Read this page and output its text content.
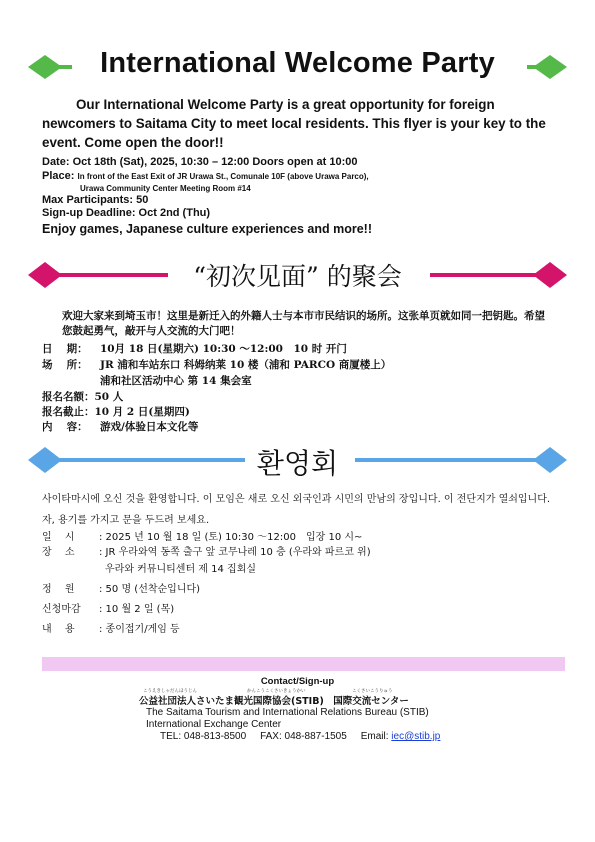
International Welcome Party
Our International Welcome Party is a great opportunity for foreign newcomers to Saitama City to meet local residents. This flyer is your key to the event. Come open the door!!
Date: Oct 18th (Sat), 2025, 10:30 – 12:00 Doors open at 10:00
Place: In front of the East Exit of JR Urawa St., Comunale 10F (above Urawa Parco),
Urawa Community Center Meeting Room #14
Max Participants: 50
Sign-up Deadline: Oct 2nd (Thu)
Enjoy games, Japanese culture experiences and more!!
“初次见面” 的聚会
欢迎大家来到埼玉市！这里是新迁入的外籍人士与本市市民结识的场所。这张单页就如同一把钥匙。希望您鼓起勇气，敲开与人交流的大门吧！
日　 期： 10月 18 日(星期六) 10:30 ～12:00　10 时 开门
场　 所： JR 浦和车站东口 科姆纳莱 10 楼（浦和 PARCO 商厦楼上）
浦和社区活动中心 第 14 集会室
报名名额：50 人
报名截止：10 月 2 日(星期四)
内　 容： 游戏/体验日本文化等
환영회
사이타마시에 오신 것을 환영합니다. 이 모임은 새로 오신 외국인과 시민의 만남의 장입니다. 이 전단지가 열쇠입니다. 자, 용기를 가지고 문을 두드려 보세요.
일　 시 : 2025 년 10 월 18 일 (토) 10:30 ～12:00　입장 10 시~
장　 소 : JR 우라와역 동쪽 출구 앞 코무나레 10 층 (우라와 파르코 위)
우라와 커뮤니티센터 제 14 집회실
정　 원 : 50 명 (선착순입니다)
신청마감 : 10 월 2 일 (목)
내　 용 : 종이접기/게임 등
Contact/Sign-up
こうえきしゃだんほうじん	かんこうこくさいきょうかい	こくさいこうりゅう
公益社団法人さいたま観光国際協会(STIB)　国際交流センター
The Saitama Tourism and International Relations Bureau (STIB)
International Exchange Center
TEL: 048-813-8500 FAX: 048-887-1505 Email: iec@stib.jp
